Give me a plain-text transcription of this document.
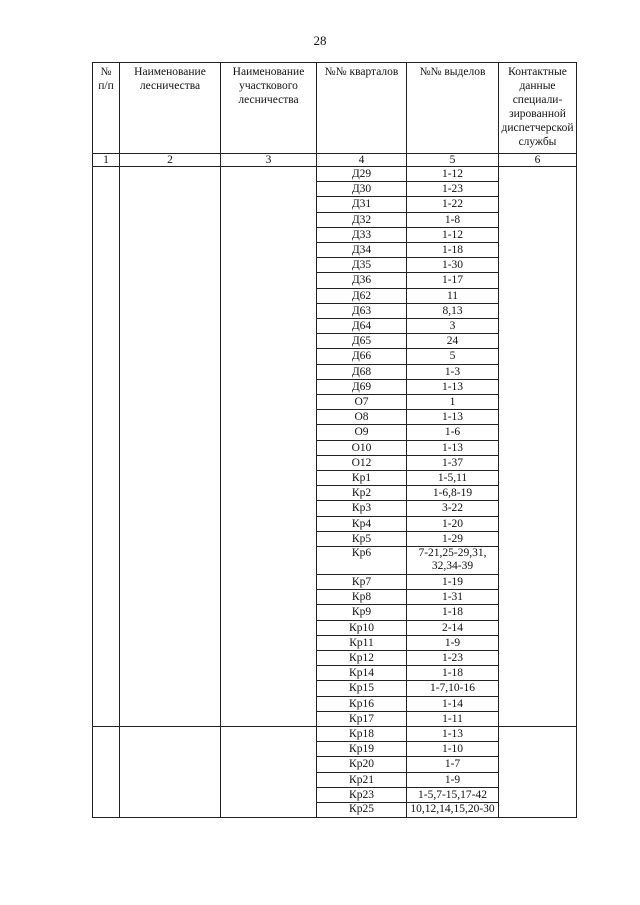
28
№ п/п	Наименование лесничества	Наименование участкового лесничества	№№ кварталов	№№ выделов	Контактные данные специали-зированной диспетчерской службы
1	2	3	4	5	6
			Д29	1-12	
			Д30	1-23	
			Д31	1-22	
			Д32	1-8	
			Д33	1-12	
			Д34	1-18	
			Д35	1-30	
			Д36	1-17	
			Д62	11	
			Д63	8,13	
			Д64	3	
			Д65	24	
			Д66	5	
			Д68	1-3	
			Д69	1-13	
			О7	1	
			О8	1-13	
			О9	1-6	
			О10	1-13	
			О12	1-37	
			Кр1	1-5,11	
			Кр2	1-6,8-19	
			Кр3	3-22	
			Кр4	1-20	
			Кр5	1-29	
			Кр6	7-21,25-29,31, 32,34-39	
			Кр7	1-19	
			Кр8	1-31	
			Кр9	1-18	
			Кр10	2-14	
			Кр11	1-9	
			Кр12	1-23	
			Кр14	1-18	
			Кр15	1-7,10-16	
			Кр16	1-14	
			Кр17	1-11	
			Кр18	1-13	
			Кр19	1-10	
			Кр20	1-7	
			Кр21	1-9	
			Кр23	1-5,7-15,17-42	
			Кр25	10,12,14,15,20-30	
